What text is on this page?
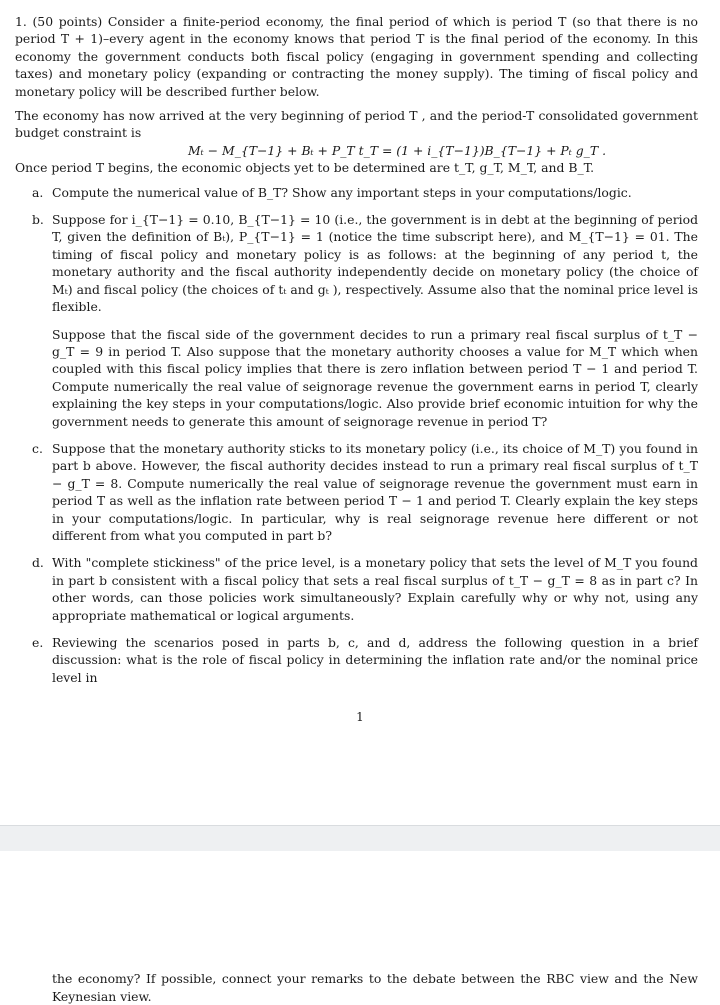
1. (50 points) Consider a finite-period economy, the final period of which is period T (so that there is no period T + 1)–every agent in the economy knows that period T is the final period of the economy. In this economy the government conducts both fiscal policy (engaging in government spending and collecting taxes) and monetary policy (expanding or contracting the money supply). The timing of fiscal policy and monetary policy will be described further below.

The economy has now arrived at the very beginning of period T , and the period-T consolidated government budget constraint is

Mₜ − M_{T−1} + Bₜ + P_T t_T = (1 + i_{T−1})B_{T−1} + Pₜ g_T .

Once period T begins, the economic objects yet to be determined are t_T, g_T, M_T, and B_T.

a. Compute the numerical value of B_T? Show any important steps in your computations/logic.

b. Suppose for i_{T−1} = 0.10, B_{T−1} = 10 (i.e., the government is in debt at the beginning of period T, given the definition of Bₜ), P_{T−1} = 1 (notice the time subscript here), and M_{T−1} = 01. The timing of fiscal policy and monetary policy is as follows: at the beginning of any period t, the monetary authority and the fiscal authority independently decide on monetary policy (the choice of Mₜ) and fiscal policy (the choices of tₜ and gₜ ), respectively. Assume also that the nominal price level is flexible.

Suppose that the fiscal side of the government decides to run a primary real fiscal surplus of t_T − g_T = 9 in period T. Also suppose that the monetary authority chooses a value for M_T which when coupled with this fiscal policy implies that there is zero inflation between period T − 1 and period T. Compute numerically the real value of seignorage revenue the government earns in period T, clearly explaining the key steps in your computations/logic. Also provide brief economic intuition for why the government needs to generate this amount of seignorage revenue in period T?

c. Suppose that the monetary authority sticks to its monetary policy (i.e., its choice of M_T) you found in part b above. However, the fiscal authority decides instead to run a primary real fiscal surplus of t_T − g_T = 8. Compute numerically the real value of seignorage revenue the government must earn in period T as well as the inflation rate between period T − 1 and period T. Clearly explain the key steps in your computations/logic. In particular, why is real seignorage revenue here different or not different from what you computed in part b?

d. With "complete stickiness" of the price level, is a monetary policy that sets the level of M_T you found in part b consistent with a fiscal policy that sets a real fiscal surplus of t_T − g_T = 8 as in part c? In other words, can those policies work simultaneously? Explain carefully why or why not, using any appropriate mathematical or logical arguments.

e. Reviewing the scenarios posed in parts b, c, and d, address the following question in a brief discussion: what is the role of fiscal policy in determining the inflation rate and/or the nominal price level in

1

the economy? If possible, connect your remarks to the debate between the RBC view and the New Keynesian view.
